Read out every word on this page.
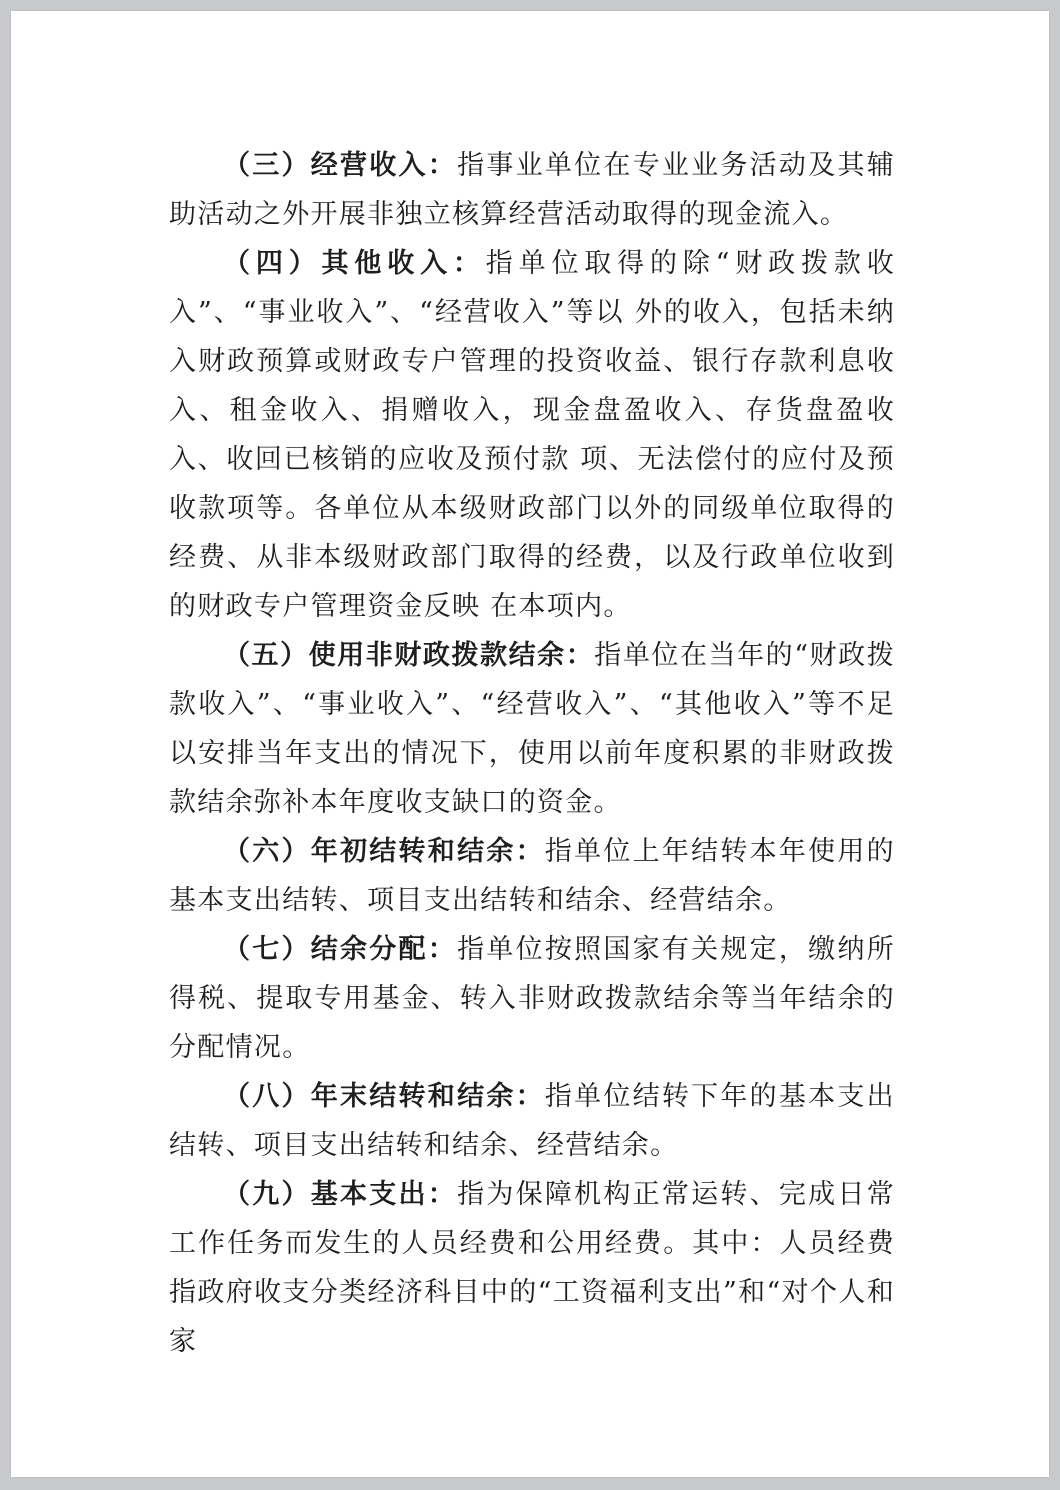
（三）经营收入：指事业单位在专业业务活动及其辅助活动之外开展非独立核算经营活动取得的现金流入。

（四）其他收入：指单位取得的除“财政拨款收入”、“事业收入”、“经营收入”等以 外的收入，包括未纳入财政预算或财政专户管理的投资收益、银行存款利息收入、租金收入、捐赠收入，现金盘盈收入、存货盘盈收入、收回已核销的应收及预付款 项、无法偿付的应付及预收款项等。各单位从本级财政部门以外的同级单位取得的经费、从非本级财政部门取得的经费，以及行政单位收到的财政专户管理资金反映 在本项内。

（五）使用非财政拨款结余：指单位在当年的“财政拨款收入”、“事业收入”、“经营收入”、“其他收入”等不足以安排当年支出的情况下，使用以前年度积累的非财政拨款结余弥补本年度收支缺口的资金。

（六）年初结转和结余：指单位上年结转本年使用的基本支出结转、项目支出结转和结余、经营结余。

（七）结余分配：指单位按照国家有关规定，缴纳所得税、提取专用基金、转入非财政拨款结余等当年结余的分配情况。

（八）年末结转和结余：指单位结转下年的基本支出结转、项目支出结转和结余、经营结余。

（九）基本支出：指为保障机构正常运转、完成日常工作任务而发生的人员经费和公用经费。其中：人员经费指政府收支分类经济科目中的“工资福利支出”和“对个人和家
